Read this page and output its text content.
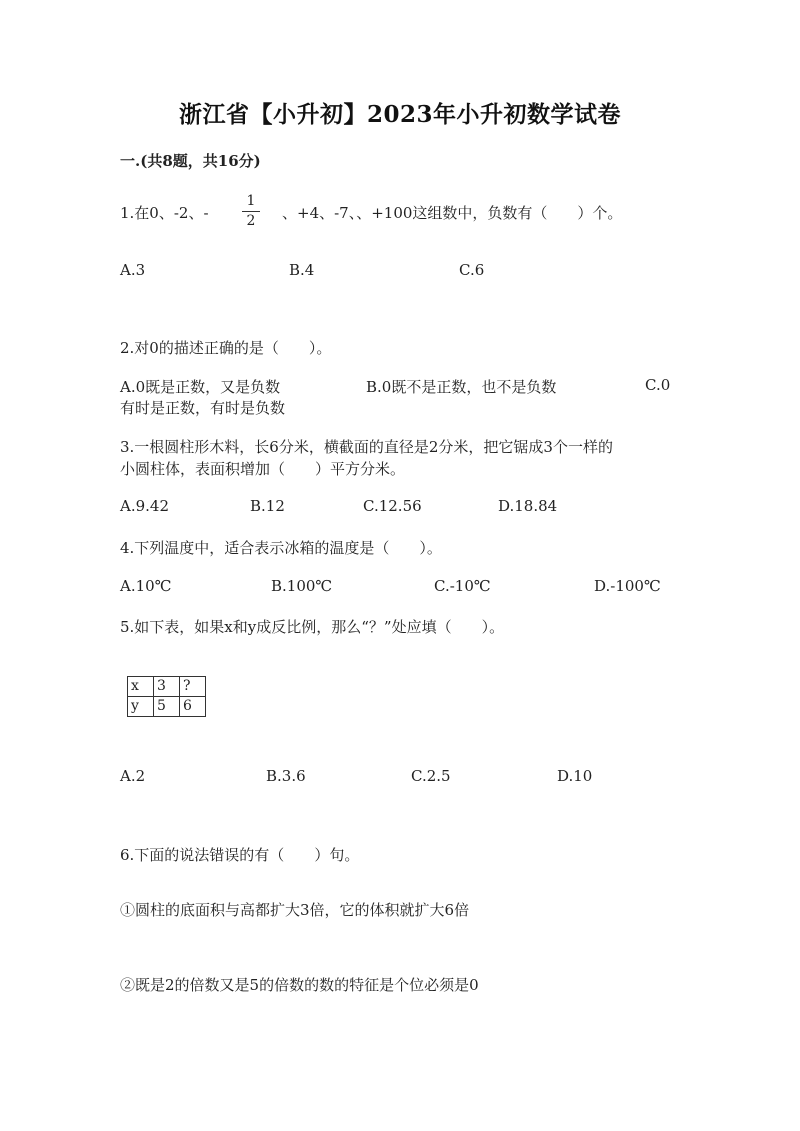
浙江省【小升初】2023年小升初数学试卷
一.(共8题，共16分)
1.在0、-2、-
1
2	、+4、-7、、+100这组数中，负数有（　　）个。
A.3	B.4	C.6
2.对0的描述正确的是（　　）。
A.0既是正数，又是负数	B.0既不是正数，也不是负数	C.0
有时是正数，有时是负数
3.一根圆柱形木料，长6分米，横截面的直径是2分米，把它锯成3个一样的
小圆柱体，表面积增加（　　）平方分米。
A.9.42	B.12	C.12.56	D.18.84
4.下列温度中，适合表示冰箱的温度是（　　）。
A.10℃	B.100℃	C.-10℃	D.-100℃
5.如下表，如果x和y成反比例，那么“？”处应填（　　）。
x	3	?
y	5	6
A.2	B.3.6	C.2.5	D.10
6.下面的说法错误的有（　　）句。
①圆柱的底面积与高都扩大3倍，它的体积就扩大6倍
②既是2的倍数又是5的倍数的数的特征是个位必须是0
